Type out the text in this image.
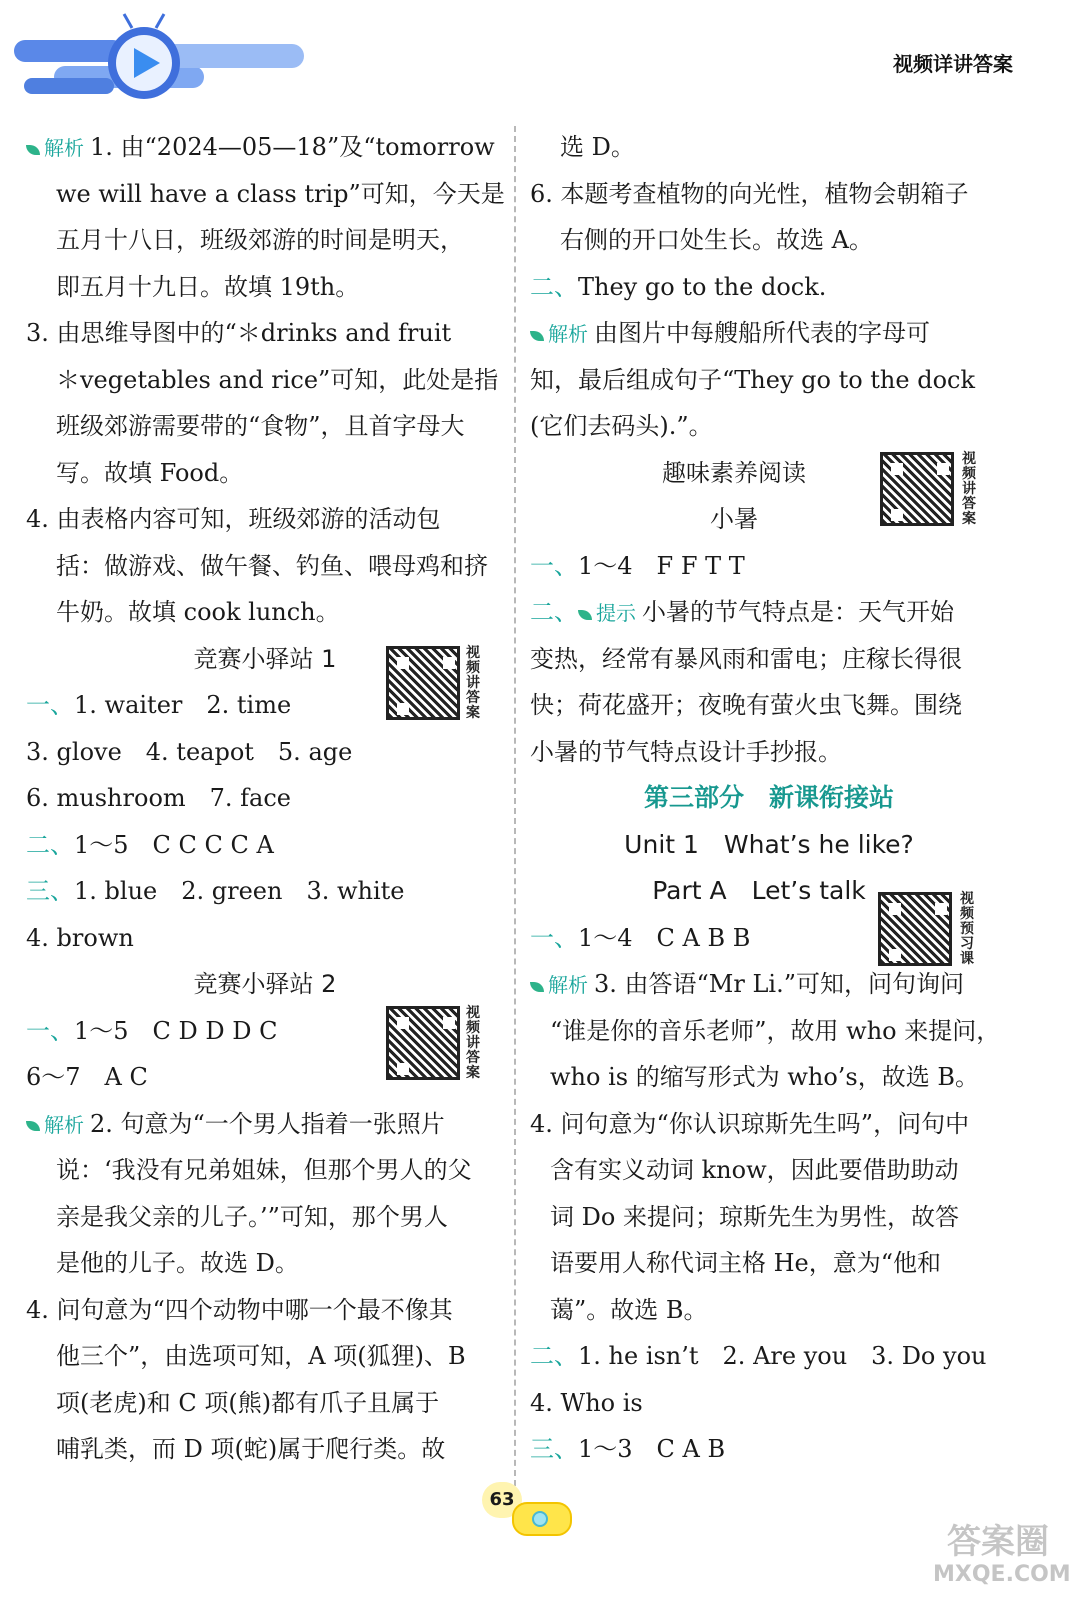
视频详讲答案
解析 1. 由“2024—05—18”及“tomorrow
we will have a class trip”可知，今天是
五月十八日，班级郊游的时间是明天，
即五月十九日。故填 19th。
3. 由思维导图中的“＊drinks and fruit
＊vegetables and rice”可知，此处是指
班级郊游需要带的“食物”，且首字母大
写。故填 Food。
4. 由表格内容可知，班级郊游的活动包
括：做游戏、做午餐、钓鱼、喂母鸡和挤
牛奶。故填 cook lunch。
竞赛小驿站 1
一、1. waiter　2. time
3. glove　4. teapot　5. age
6. mushroom　7. face
二、1～5　C C C C A
三、1. blue　2. green　3. white
4. brown
竞赛小驿站 2
一、1～5　C D D D C
6～7　A C
解析 2. 句意为“一个男人指着一张照片
说：‘我没有兄弟姐妹，但那个男人的父
亲是我父亲的儿子。’”可知，那个男人
是他的儿子。故选 D。
4. 问句意为“四个动物中哪一个最不像其
他三个”，由选项可知，A 项(狐狸)、B
项(老虎)和 C 项(熊)都有爪子且属于
哺乳类，而 D 项(蛇)属于爬行类。故
视频讲答案
视频讲答案
选 D。
6. 本题考查植物的向光性，植物会朝箱子
右侧的开口处生长。故选 A。
二、They go to the dock.
解析 由图片中每艘船所代表的字母可
知，最后组成句子“They go to the dock
(它们去码头).”。
趣味素养阅读
小暑
一、1～4　F F T T
二、 提示 小暑的节气特点是：天气开始
变热，经常有暴风雨和雷电；庄稼长得很
快；荷花盛开；夜晚有萤火虫飞舞。围绕
小暑的节气特点设计手抄报。
第三部分　新课衔接站
Unit 1　What’s he like?
Part A　Let’s talk
一、1～4　C A B B
解析 3. 由答语“Mr Li.”可知，问句询问
“谁是你的音乐老师”，故用 who 来提问，
who is 的缩写形式为 who’s，故选 B。
4. 问句意为“你认识琼斯先生吗”，问句中
含有实义动词 know，因此要借助助动
词 Do 来提问；琼斯先生为男性，故答
语要用人称代词主格 He，意为“他和
蔼”。故选 B。
二、1. he isn’t　2. Are you　3. Do you
4. Who is
三、1～3　C A B
视频讲答案
视频预习课
63
答案圈
MXQE.COM
